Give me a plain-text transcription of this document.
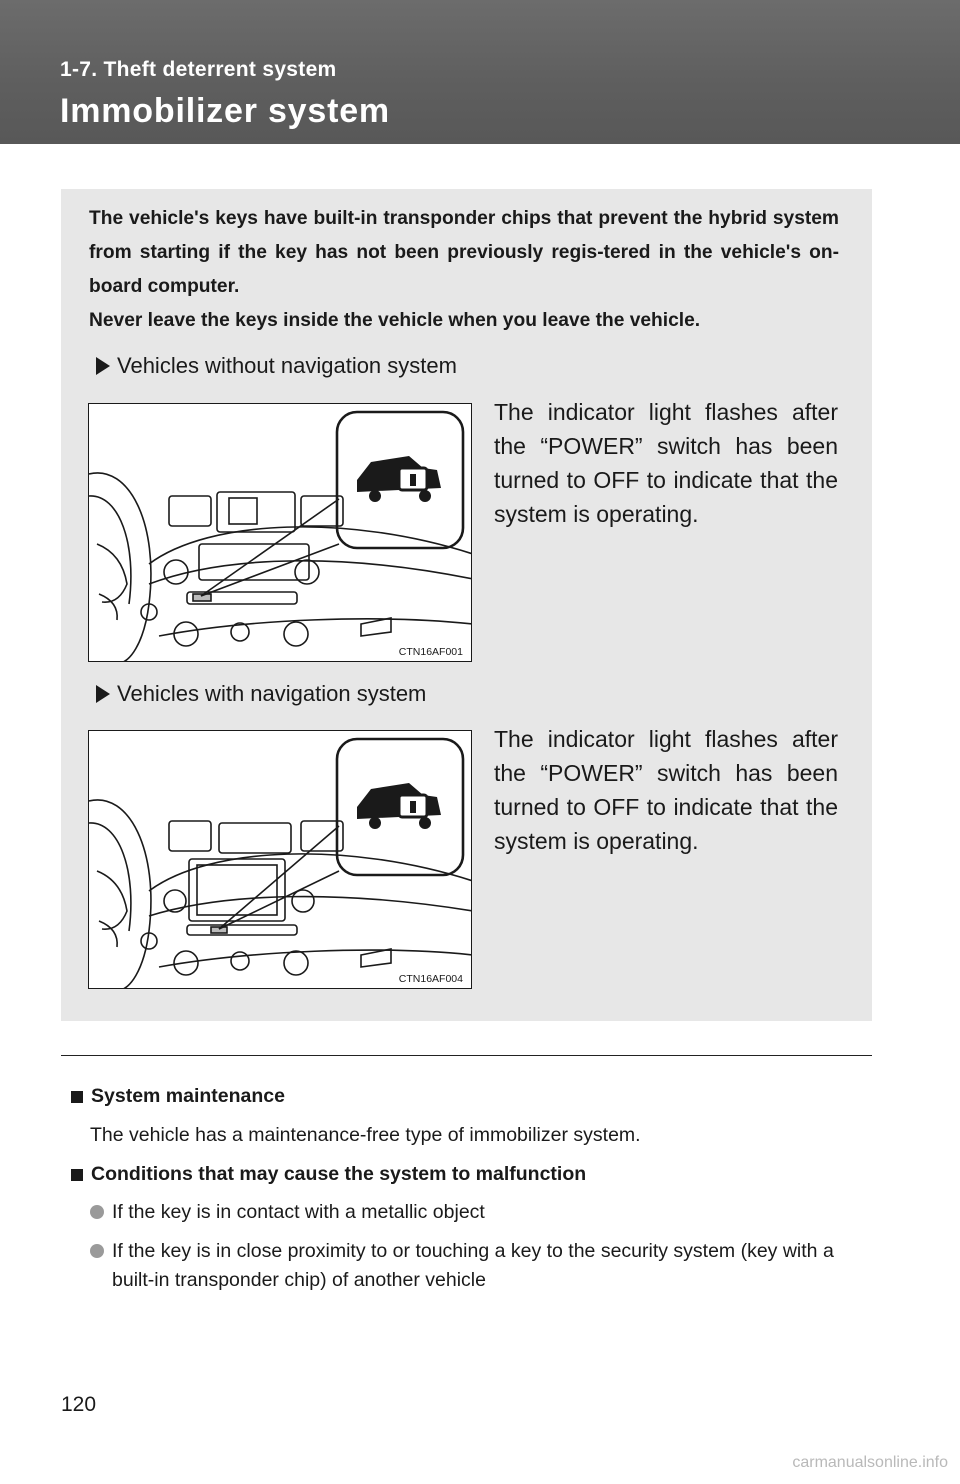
1-7. Theft deterrent system
Immobilizer system

The vehicle's keys have built-in transponder chips that prevent the hybrid system from starting if the key has not been previously regis-tered in the vehicle's on-board computer.

Never leave the keys inside the vehicle when you leave the vehicle.

Vehicles without navigation system
The indicator light flashes after the “POWER” switch has been turned to OFF to indicate that the system is operating.
CTN16AF001
Vehicles with navigation system
The indicator light flashes after the “POWER” switch has been turned to OFF to indicate that the system is operating.
CTN16AF004
System maintenance
The vehicle has a maintenance-free type of immobilizer system.
Conditions that may cause the system to malfunction
If the key is in contact with a metallic object
If the key is in close proximity to or touching a key to the security system (key with a built-in transponder chip) of another vehicle
120
carmanualsonline.info
